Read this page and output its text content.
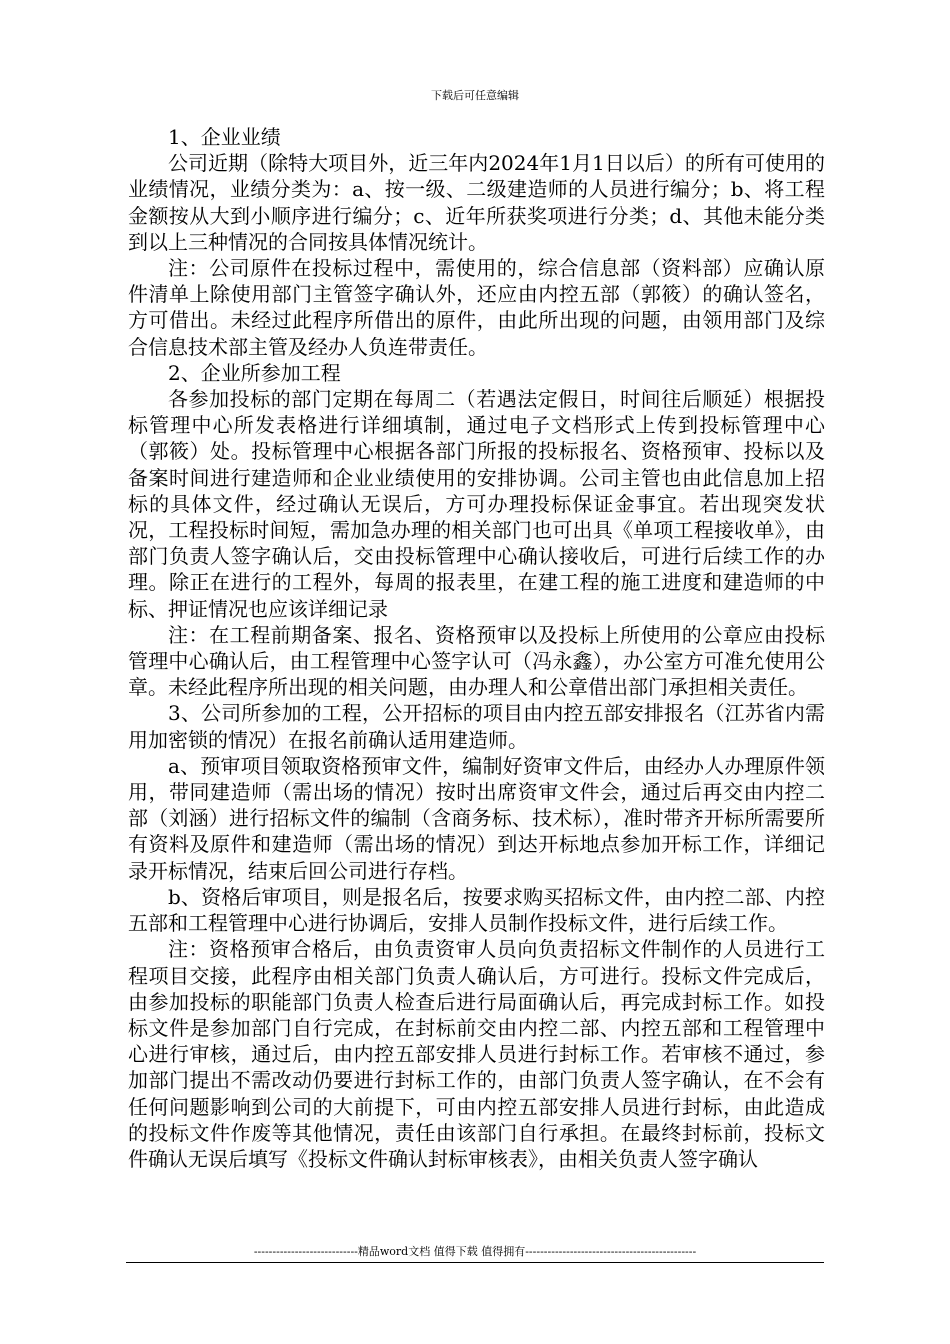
下载后可任意编辑

1、企业业绩

公司近期（除特大项目外，近三年内2024年1月1日以后）的所有可使用的业绩情况，业绩分类为：a、按一级、二级建造师的人员进行编分；b、将工程金额按从大到小顺序进行编分；c、近年所获奖项进行分类；d、其他未能分类到以上三种情况的合同按具体情况统计。

注：公司原件在投标过程中，需使用的，综合信息部（资料部）应确认原件清单上除使用部门主管签字确认外，还应由内控五部（郭筱）的确认签名，方可借出。未经过此程序所借出的原件，由此所出现的问题，由领用部门及综合信息技术部主管及经办人负连带责任。

2、企业所参加工程

各参加投标的部门定期在每周二（若遇法定假日，时间往后顺延）根据投标管理中心所发表格进行详细填制，通过电子文档形式上传到投标管理中心（郭筱）处。投标管理中心根据各部门所报的投标报名、资格预审、投标以及备案时间进行建造师和企业业绩使用的安排协调。公司主管也由此信息加上招标的具体文件，经过确认无误后，方可办理投标保证金事宜。若出现突发状况，工程投标时间短，需加急办理的相关部门也可出具《单项工程接收单》，由部门负责人签字确认后，交由投标管理中心确认接收后，可进行后续工作的办理。除正在进行的工程外，每周的报表里，在建工程的施工进度和建造师的中标、押证情况也应该详细记录

注：在工程前期备案、报名、资格预审以及投标上所使用的公章应由投标管理中心确认后，由工程管理中心签字认可（冯永鑫），办公室方可准允使用公章。未经此程序所出现的相关问题，由办理人和公章借出部门承担相关责任。

3、公司所参加的工程，公开招标的项目由内控五部安排报名（江苏省内需用加密锁的情况）在报名前确认适用建造师。

a、预审项目领取资格预审文件，编制好资审文件后，由经办人办理原件领用，带同建造师（需出场的情况）按时出席资审文件会，通过后再交由内控二部（刘涵）进行招标文件的编制（含商务标、技术标），准时带齐开标所需要所有资料及原件和建造师（需出场的情况）到达开标地点参加开标工作，详细记录开标情况，结束后回公司进行存档。

b、资格后审项目，则是报名后，按要求购买招标文件，由内控二部、内控五部和工程管理中心进行协调后，安排人员制作投标文件，进行后续工作。

注：资格预审合格后，由负责资审人员向负责招标文件制作的人员进行工程项目交接，此程序由相关部门负责人确认后，方可进行。投标文件完成后，由参加投标的职能部门负责人检查后进行局面确认后，再完成封标工作。如投标文件是参加部门自行完成，在封标前交由内控二部、内控五部和工程管理中心进行审核，通过后，由内控五部安排人员进行封标工作。若审核不通过，参加部门提出不需改动仍要进行封标工作的，由部门负责人签字确认，在不会有任何问题影响到公司的大前提下，可由内控五部安排人员进行封标，由此造成的投标文件作废等其他情况，责任由该部门自行承担。在最终封标前，投标文件确认无误后填写《投标文件确认封标审核表》，由相关负责人签字确认

----------------------------精品word文档 值得下载 值得拥有----------------------------------------------
